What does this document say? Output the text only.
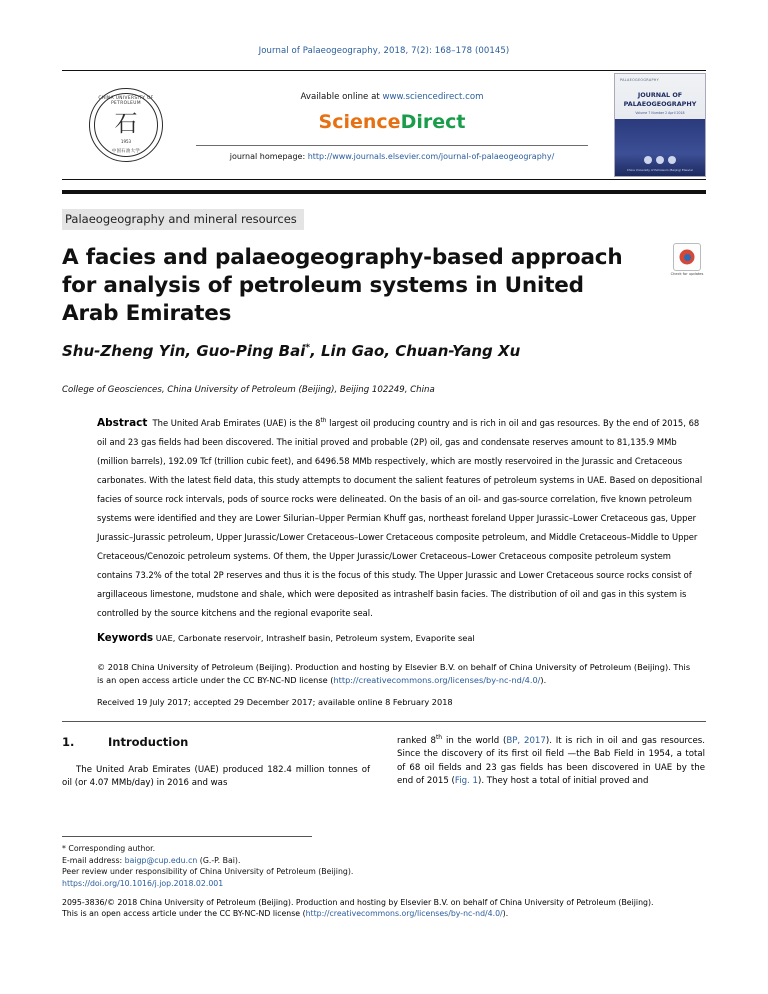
Journal of Palaeogeography, 2018, 7(2): 168–178 (00145)
CHINA UNIVERSITY OF PETROLEUM
石
1953
中国石油大学
Available online at www.sciencedirect.com
ScienceDirect
journal homepage: http://www.journals.elsevier.com/journal-of-palaeogeography/
PALAEOGEOGRAPHY
JOURNAL OF
PALAEOGEOGRAPHY
Volume 7 Number 2 April 2018
China University of Petroleum (Beijing) Elsevier
Palaeogeography and mineral resources
A facies and palaeogeography-based approach for analysis of petroleum systems in United Arab Emirates
Check for updates
Shu-Zheng Yin, Guo-Ping Bai*, Lin Gao, Chuan-Yang Xu
College of Geosciences, China University of Petroleum (Beijing), Beijing 102249, China
Abstract The United Arab Emirates (UAE) is the 8th largest oil producing country and is rich in oil and gas resources. By the end of 2015, 68 oil and 23 gas fields had been discovered. The initial proved and probable (2P) oil, gas and condensate reserves amount to 81,135.9 MMb (million barrels), 192.09 Tcf (trillion cubic feet), and 6496.58 MMb respectively, which are mostly reservoired in the Jurassic and Cretaceous carbonates. With the latest field data, this study attempts to document the salient features of petroleum systems in UAE. Based on depositional facies of source rock intervals, pods of source rocks were delineated. On the basis of an oil- and gas-source correlation, five known petroleum systems were identified and they are Lower Silurian–Upper Permian Khuff gas, northeast foreland Upper Jurassic–Lower Cretaceous gas, Upper Jurassic–Jurassic petroleum, Upper Jurassic/Lower Cretaceous–Lower Cretaceous composite petroleum, and Middle Cretaceous–Middle to Upper Cretaceous/Cenozoic petroleum systems. Of them, the Upper Jurassic/Lower Cretaceous–Lower Cretaceous composite petroleum system contains 73.2% of the total 2P reserves and thus it is the focus of this study. The Upper Jurassic and Lower Cretaceous source rocks consist of argillaceous limestone, mudstone and shale, which were deposited as intrashelf basin facies. The distribution of oil and gas in this system is controlled by the source kitchens and the regional evaporite seal.
Keywords UAE, Carbonate reservoir, Intrashelf basin, Petroleum system, Evaporite seal
© 2018 China University of Petroleum (Beijing). Production and hosting by Elsevier B.V. on behalf of China University of Petroleum (Beijing). This is an open access article under the CC BY-NC-ND license (http://creativecommons.org/licenses/by-nc-nd/4.0/).
Received 19 July 2017; accepted 29 December 2017; available online 8 February 2018
1.	Introduction
The United Arab Emirates (UAE) produced 182.4 million tonnes of oil (or 4.07 MMb/day) in 2016 and was
ranked 8th in the world (BP, 2017). It is rich in oil and gas resources. Since the discovery of its first oil field —the Bab Field in 1954, a total of 68 oil fields and 23 gas fields has been discovered in UAE by the end of 2015 (Fig. 1). They host a total of initial proved and
* Corresponding author.
E-mail address: baigp@cup.edu.cn (G.-P. Bai).
Peer review under responsibility of China University of Petroleum (Beijing).
https://doi.org/10.1016/j.jop.2018.02.001
2095-3836/© 2018 China University of Petroleum (Beijing). Production and hosting by Elsevier B.V. on behalf of China University of Petroleum (Beijing). This is an open access article under the CC BY-NC-ND license (http://creativecommons.org/licenses/by-nc-nd/4.0/).
